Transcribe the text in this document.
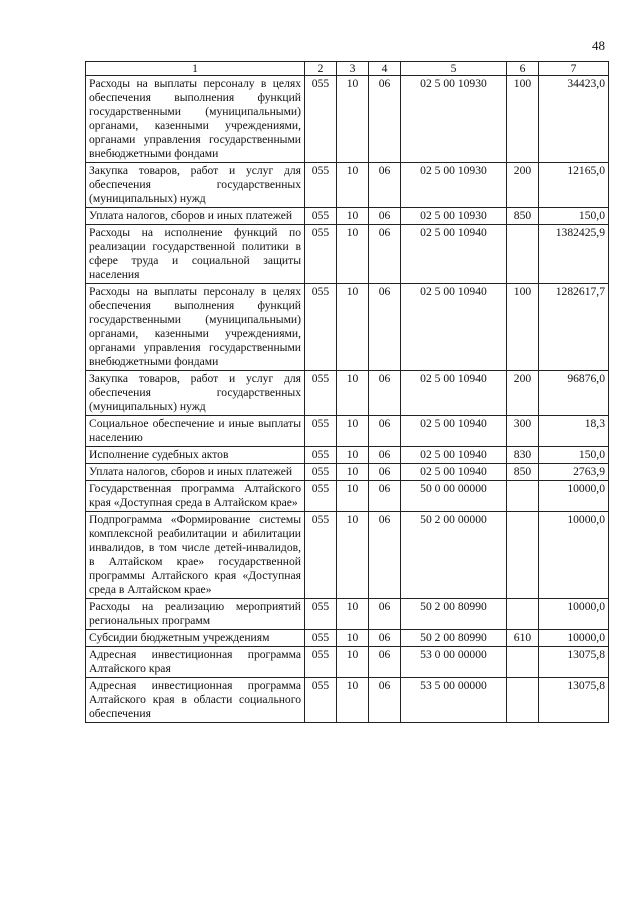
48
1	2	3	4	5	6	7
Расходы на выплаты персоналу в целях обеспечения выполнения функций государственными (муниципальными) органами, казенными учреждениями, органами управления государственными внебюджетными фондами	055	10	06	02 5 00 10930	100	34423,0
Закупка товаров, работ и услуг для обеспечения государственных (муниципальных) нужд	055	10	06	02 5 00 10930	200	12165,0
Уплата налогов, сборов и иных платежей	055	10	06	02 5 00 10930	850	150,0
Расходы на исполнение функций по реализации государственной политики в сфере труда и социальной защиты населения	055	10	06	02 5 00 10940		1382425,9
Расходы на выплаты персоналу в целях обеспечения выполнения функций государственными (муниципальными) органами, казенными учреждениями, органами управления государственными внебюджетными фондами	055	10	06	02 5 00 10940	100	1282617,7
Закупка товаров, работ и услуг для обеспечения государственных (муниципальных) нужд	055	10	06	02 5 00 10940	200	96876,0
Социальное обеспечение и иные выплаты населению	055	10	06	02 5 00 10940	300	18,3
Исполнение судебных актов	055	10	06	02 5 00 10940	830	150,0
Уплата налогов, сборов и иных платежей	055	10	06	02 5 00 10940	850	2763,9
Государственная программа Алтайского края «Доступная среда в Алтайском крае»	055	10	06	50 0 00 00000		10000,0
Подпрограмма «Формирование системы комплексной реабилитации и абилитации инвалидов, в том числе детей-инвалидов, в Алтайском крае» государственной программы Алтайского края «Доступная среда в Алтайском крае»	055	10	06	50 2 00 00000		10000,0
Расходы на реализацию мероприятий региональных программ	055	10	06	50 2 00 80990		10000,0
Субсидии бюджетным учреждениям	055	10	06	50 2 00 80990	610	10000,0
Адресная инвестиционная программа Алтайского края	055	10	06	53 0 00 00000		13075,8
Адресная инвестиционная программа Алтайского края в области социального обеспечения	055	10	06	53 5 00 00000		13075,8
